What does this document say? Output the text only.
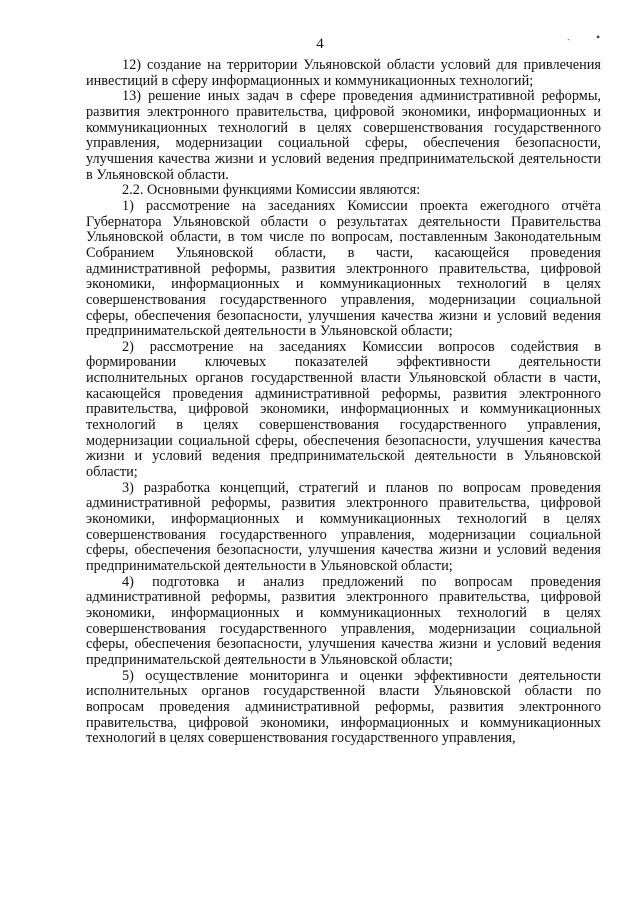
4
ˏ •

12) создание на территории Ульяновской области условий для привлечения инвестиций в сферу информационных и коммуникационных технологий;

13) решение иных задач в сфере проведения административной реформы, развития электронного правительства, цифровой экономики, информационных и коммуникационных технологий в целях совершенствования государственного управления, модернизации социальной сферы, обеспечения безопасности, улучшения качества жизни и условий ведения предпринимательской деятельности в Ульяновской области.

2.2. Основными функциями Комиссии являются:

1) рассмотрение на заседаниях Комиссии проекта ежегодного отчёта Губернатора Ульяновской области о результатах деятельности Правительства Ульяновской области, в том числе по вопросам, поставленным Законодательным Собранием Ульяновской области, в части, касающейся проведения административной реформы, развития электронного правительства, цифровой экономики, информационных и коммуникационных технологий в целях совершенствования государственного управления, модернизации социальной сферы, обеспечения безопасности, улучшения качества жизни и условий ведения предпринимательской деятельности в Ульяновской области;

2) рассмотрение на заседаниях Комиссии вопросов содействия в формировании ключевых показателей эффективности деятельности исполнительных органов государственной власти Ульяновской области в части, касающейся проведения административной реформы, развития электронного правительства, цифровой экономики, информационных и коммуникационных технологий в целях совершенствования государственного управления, модернизации социальной сферы, обеспечения безопасности, улучшения качества жизни и условий ведения предпринимательской деятельности в Ульяновской области;

3) разработка концепций, стратегий и планов по вопросам проведения административной реформы, развития электронного правительства, цифровой экономики, информационных и коммуникационных технологий в целях совершенствования государственного управления, модернизации социальной сферы, обеспечения безопасности, улучшения качества жизни и условий ведения предпринимательской деятельности в Ульяновской области;

4) подготовка и анализ предложений по вопросам проведения административной реформы, развития электронного правительства, цифровой экономики, информационных и коммуникационных технологий в целях совершенствования государственного управления, модернизации социальной сферы, обеспечения безопасности, улучшения качества жизни и условий ведения предпринимательской деятельности в Ульяновской области;

5) осуществление мониторинга и оценки эффективности деятельности исполнительных органов государственной власти Ульяновской области по вопросам проведения административной реформы, развития электронного правительства, цифровой экономики, информационных и коммуникационных технологий в целях совершенствования государственного управления,
